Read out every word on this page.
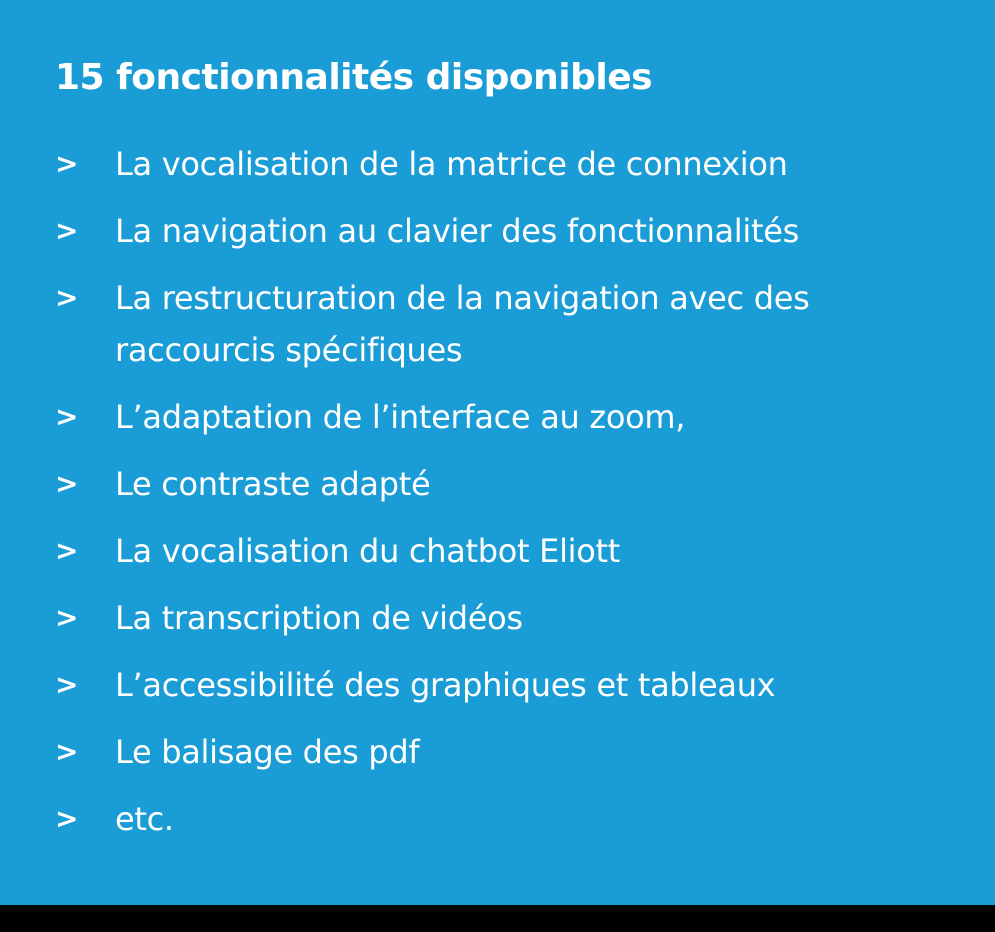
15 fonctionnalités disponibles
> La vocalisation de la matrice de connexion
> La navigation au clavier des fonctionnalités
> La restructuration de la navigation avec des raccourcis spécifiques
> L’adaptation de l’interface au zoom,
> Le contraste adapté
> La vocalisation du chatbot Eliott
> La transcription de vidéos
> L’accessibilité des graphiques et tableaux
> Le balisage des pdf
> etc.
